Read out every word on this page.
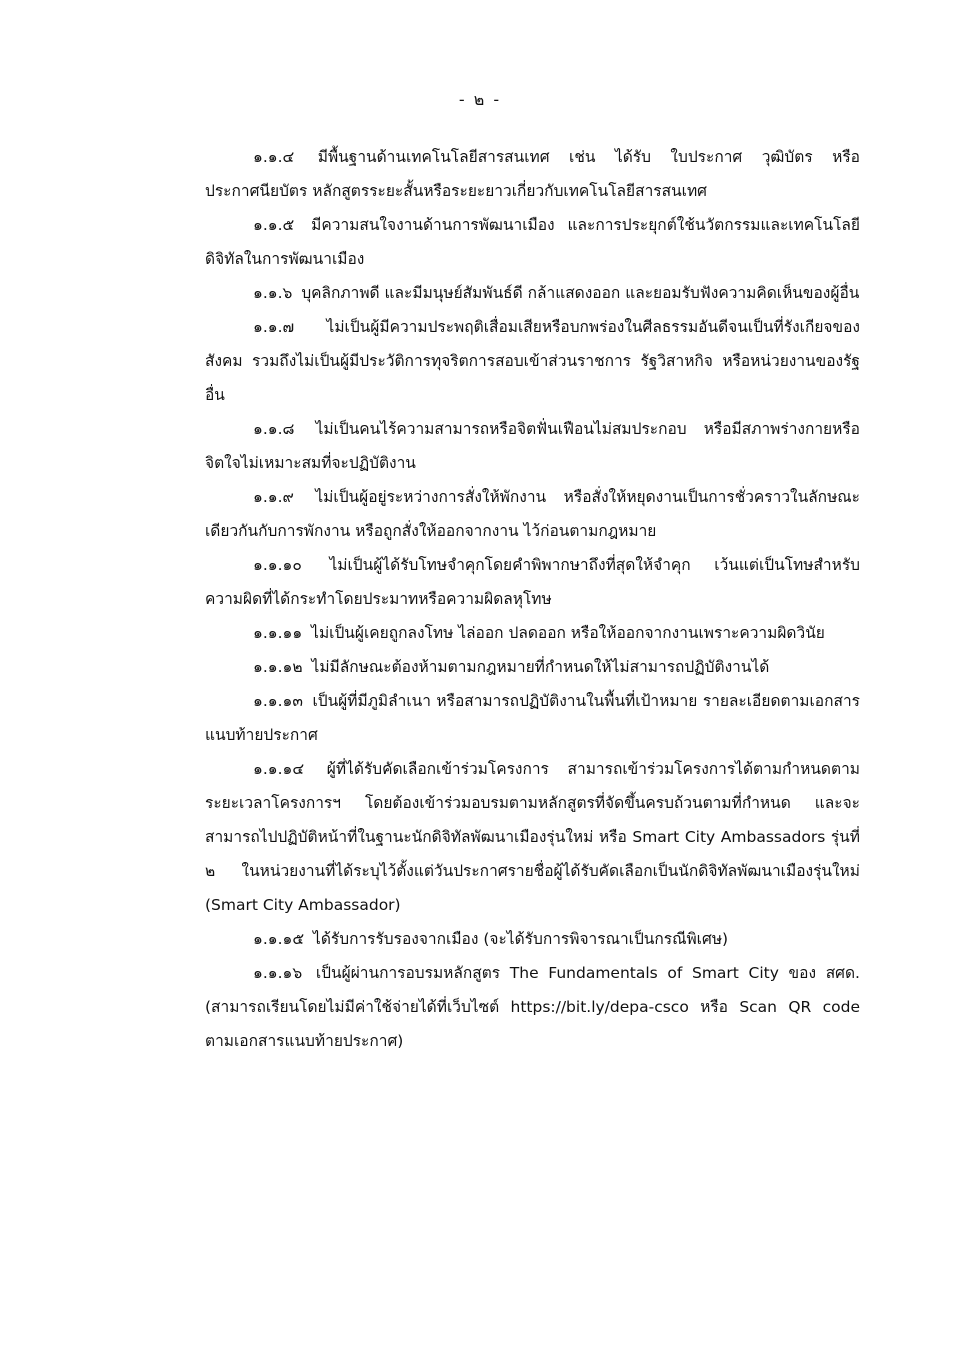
- ๒ -

๑.๑.๔ มีพื้นฐานด้านเทคโนโลยีสารสนเทศ เช่น ได้รับ ใบประกาศ วุฒิบัตร หรือประกาศนียบัตร หลักสูตรระยะสั้นหรือระยะยาวเกี่ยวกับเทคโนโลยีสารสนเทศ

๑.๑.๕ มีความสนใจงานด้านการพัฒนาเมือง และการประยุกต์ใช้นวัตกรรมและเทคโนโลยีดิจิทัลในการพัฒนาเมือง

๑.๑.๖ บุคลิกภาพดี และมีมนุษย์สัมพันธ์ดี กล้าแสดงออก และยอมรับฟังความคิดเห็นของผู้อื่น

๑.๑.๗ ไม่เป็นผู้มีความประพฤติเสื่อมเสียหรือบกพร่องในศีลธรรมอันดีจนเป็นที่รังเกียจของสังคม รวมถึงไม่เป็นผู้มีประวัติการทุจริตการสอบเข้าส่วนราชการ รัฐวิสาหกิจ หรือหน่วยงานของรัฐอื่น

๑.๑.๘ ไม่เป็นคนไร้ความสามารถหรือจิตฟั่นเฟือนไม่สมประกอบ หรือมีสภาพร่างกายหรือจิตใจไม่เหมาะสมที่จะปฏิบัติงาน

๑.๑.๙ ไม่เป็นผู้อยู่ระหว่างการสั่งให้พักงาน หรือสั่งให้หยุดงานเป็นการชั่วคราวในลักษณะเดียวกันกับการพักงาน หรือถูกสั่งให้ออกจากงาน ไว้ก่อนตามกฎหมาย

๑.๑.๑๐ ไม่เป็นผู้ได้รับโทษจำคุกโดยคำพิพากษาถึงที่สุดให้จำคุก เว้นแต่เป็นโทษสำหรับความผิดที่ได้กระทำโดยประมาทหรือความผิดลหุโทษ

๑.๑.๑๑ ไม่เป็นผู้เคยถูกลงโทษ ไล่ออก ปลดออก หรือให้ออกจากงานเพราะความผิดวินัย

๑.๑.๑๒ ไม่มีลักษณะต้องห้ามตามกฎหมายที่กำหนดให้ไม่สามารถปฏิบัติงานได้

๑.๑.๑๓ เป็นผู้ที่มีภูมิลำเนา หรือสามารถปฏิบัติงานในพื้นที่เป้าหมาย รายละเอียดตามเอกสารแนบท้ายประกาศ

๑.๑.๑๔ ผู้ที่ได้รับคัดเลือกเข้าร่วมโครงการ สามารถเข้าร่วมโครงการได้ตามกำหนดตามระยะเวลาโครงการฯ โดยต้องเข้าร่วมอบรมตามหลักสูตรที่จัดขึ้นครบถ้วนตามที่กำหนด และจะสามารถไปปฏิบัติหน้าที่ในฐานะนักดิจิทัลพัฒนาเมืองรุ่นใหม่ หรือ Smart City Ambassadors รุ่นที่ ๒ ในหน่วยงานที่ได้ระบุไว้ตั้งแต่วันประกาศรายชื่อผู้ได้รับคัดเลือกเป็นนักดิจิทัลพัฒนาเมืองรุ่นใหม่ (Smart City Ambassador)

๑.๑.๑๕ ได้รับการรับรองจากเมือง (จะได้รับการพิจารณาเป็นกรณีพิเศษ)

๑.๑.๑๖ เป็นผู้ผ่านการอบรมหลักสูตร The Fundamentals of Smart City ของ สศด. (สามารถเรียนโดยไม่มีค่าใช้จ่ายได้ที่เว็บไซต์ https://bit.ly/depa-csco หรือ Scan QR code ตามเอกสารแนบท้ายประกาศ)
